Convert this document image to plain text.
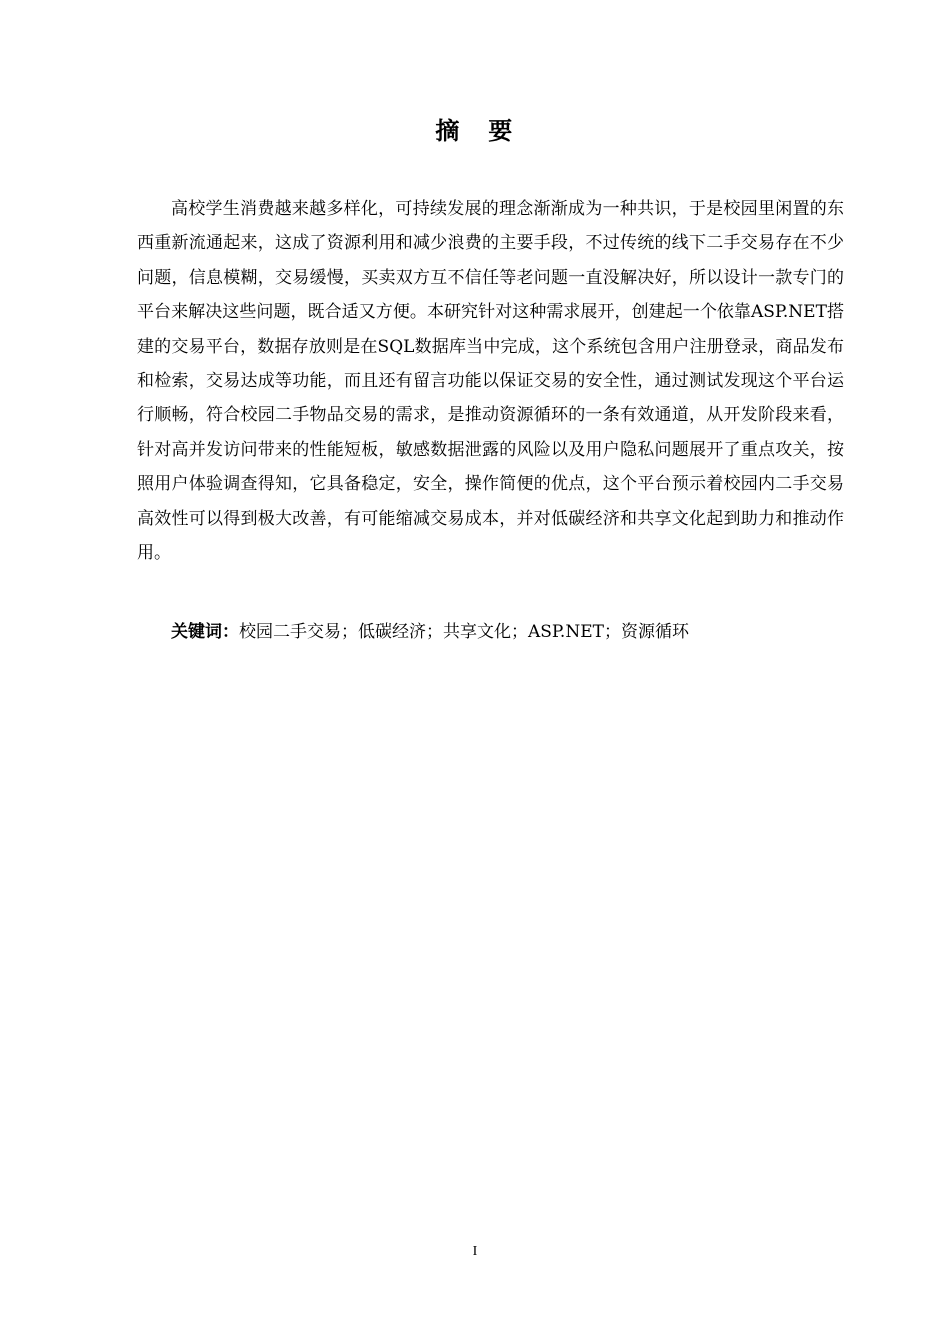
摘　要

高校学生消费越来越多样化，可持续发展的理念渐渐成为一种共识，于是校园里闲置的东西重新流通起来，这成了资源利用和减少浪费的主要手段，不过传统的线下二手交易存在不少问题，信息模糊，交易缓慢，买卖双方互不信任等老问题一直没解决好，所以设计一款专门的平台来解决这些问题，既合适又方便。本研究针对这种需求展开，创建起一个依靠ASP.NET搭建的交易平台，数据存放则是在SQL数据库当中完成，这个系统包含用户注册登录，商品发布和检索，交易达成等功能，而且还有留言功能以保证交易的安全性，通过测试发现这个平台运行顺畅，符合校园二手物品交易的需求，是推动资源循环的一条有效通道，从开发阶段来看，针对高并发访问带来的性能短板，敏感数据泄露的风险以及用户隐私问题展开了重点攻关，按照用户体验调查得知，它具备稳定，安全，操作简便的优点，这个平台预示着校园内二手交易高效性可以得到极大改善，有可能缩减交易成本，并对低碳经济和共享文化起到助力和推动作用。

关键词：校园二手交易；低碳经济；共享文化；ASP.NET；资源循环

I
